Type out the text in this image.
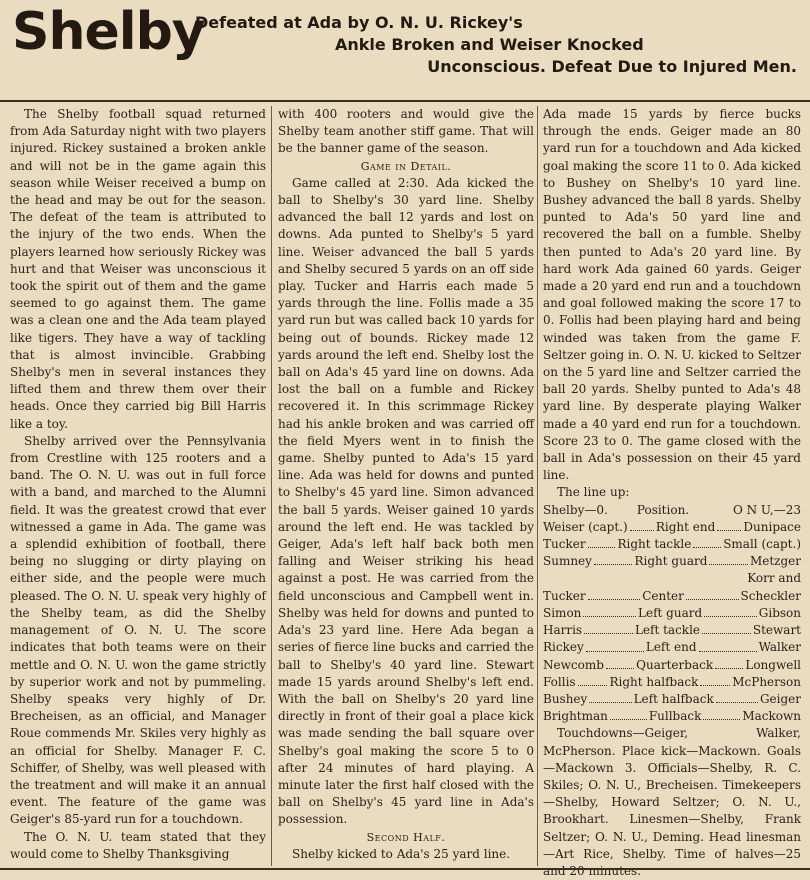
Shelby
Defeated at Ada by O. N. U. Rickey's
Ankle Broken and Weiser Knocked
Unconscious. Defeat Due to Injured Men.

The Shelby football squad returned from Ada Saturday night with two players injured. Rickey sustained a broken ankle and will not be in the game again this season while Weiser received a bump on the head and may be out for the season. The defeat of the team is attributed to the injury of the two ends. When the players learned how seriously Rickey was hurt and that Weiser was unconscious it took the spirit out of them and the game seemed to go against them. The game was a clean one and the Ada team played like tigers. They have a way of tackling that is almost invincible. Grabbing Shelby's men in several instances they lifted them and threw them over their heads. Once they carried big Bill Harris like a toy.

Shelby arrived over the Pennsylvania from Crestline with 125 rooters and a band. The O. N. U. was out in full force with a band, and marched to the Alumni field. It was the greatest crowd that ever witnessed a game in Ada. The game was a splendid exhibition of football, there being no slugging or dirty playing on either side, and the people were much pleased. The O. N. U. speak very highly of the Shelby team, as did the Shelby management of O. N. U. The score indicates that both teams were on their mettle and O. N. U. won the game strictly by superior work and not by pummeling. Shelby speaks very highly of Dr. Brecheisen, as an official, and Manager Roue commends Mr. Skiles very highly as an official for Shelby. Manager F. C. Schiffer, of Shelby, was well pleased with the treatment and will make it an annual event. The feature of the game was Geiger's 85-yard run for a touchdown.

The O. N. U. team stated that they would come to Shelby Thanksgiving

with 400 rooters and would give the Shelby team another stiff game. That will be the banner game of the season.

Game in Detail.

Game called at 2:30. Ada kicked the ball to Shelby's 30 yard line. Shelby advanced the ball 12 yards and lost on downs. Ada punted to Shelby's 5 yard line. Weiser advanced the ball 5 yards and Shelby secured 5 yards on an off side play. Tucker and Harris each made 5 yards through the line. Follis made a 35 yard run but was called back 10 yards for being out of bounds. Rickey made 12 yards around the left end. Shelby lost the ball on Ada's 45 yard line on downs. Ada lost the ball on a fumble and Rickey recovered it. In this scrimmage Rickey had his ankle broken and was carried off the field Myers went in to finish the game. Shelby punted to Ada's 15 yard line. Ada was held for downs and punted to Shelby's 45 yard line. Simon advanced the ball 5 yards. Weiser gained 10 yards around the left end. He was tackled by Geiger, Ada's left half back both men falling and Weiser striking his head against a post. He was carried from the field unconscious and Campbell went in. Shelby was held for downs and punted to Ada's 23 yard line. Here Ada began a series of fierce line bucks and carried the ball to Shelby's 40 yard line. Stewart made 15 yards around Shelby's left end. With the ball on Shelby's 20 yard line directly in front of their goal a place kick was made sending the ball square over Shelby's goal making the score 5 to 0 after 24 minutes of hard playing. A minute later the first half closed with the ball on Shelby's 45 yard line in Ada's possession.

Second Half.

Shelby kicked to Ada's 25 yard line.

Ada made 15 yards by fierce bucks through the ends. Geiger made an 80 yard run for a touchdown and Ada kicked goal making the score 11 to 0. Ada kicked to Bushey on Shelby's 10 yard line. Bushey advanced the ball 8 yards. Shelby punted to Ada's 50 yard line and recovered the ball on a fumble. Shelby then punted to Ada's 20 yard line. By hard work Ada gained 60 yards. Geiger made a 20 yard end run and a touchdown and goal followed making the score 17 to 0. Follis had been playing hard and being winded was taken from the game F. Seltzer going in. O. N. U. kicked to Seltzer on the 5 yard line and Seltzer carried the ball 20 yards. Shelby punted to Ada's 48 yard line. By desperate playing Walker made a 40 yard end run for a touchdown. Score 23 to 0. The game closed with the ball in Ada's possession on their 45 yard line.

The line up:

Shelby—0.	Position.	O N U,—23
Weiser (capt.) Right end Dunipace
Tucker	Right tackle	Small (capt.)
Sumney	Right guard	Metzger
Korr and
Tucker	Center	Scheckler
Simon	Left guard	Gibson
Harris	Left tackle	Stewart
Rickey	Left end	Walker
Newcomb	Quarterback	Longwell
Follis	Right halfback	McPherson
Bushey	Left halfback	Geiger
Brightman	Fullback	Mackown

Touchdowns—Geiger, Walker, McPherson. Place kick—Mackown. Goals—Mackown 3. Officials—Shelby, R. C. Skiles; O. N. U., Brecheisen. Timekeepers—Shelby, Howard Seltzer; O. N. U., Brookhart. Linesmen—Shelby, Frank Seltzer; O. N. U., Deming. Head linesman—Art Rice, Shelby. Time of halves—25 and 20 minutes.
